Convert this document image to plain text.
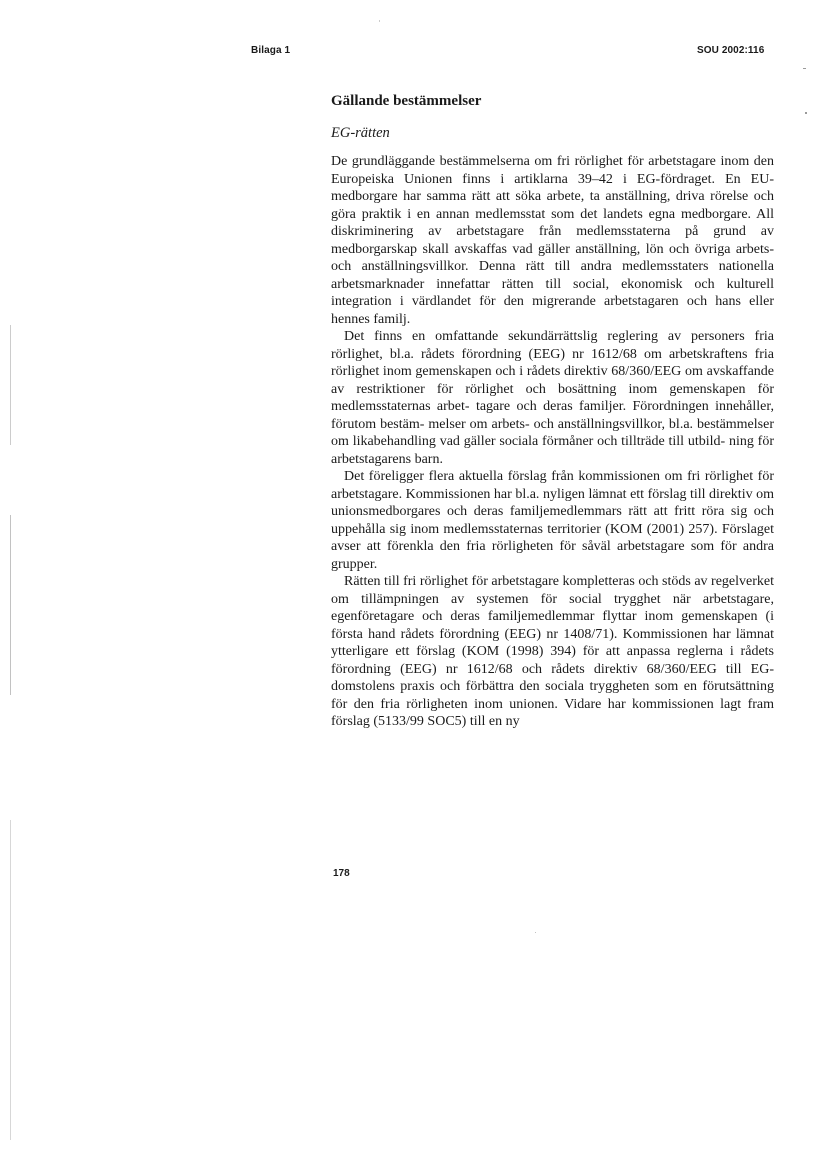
Bilaga 1	SOU 2002:116
Gällande bestämmelser
EG-rätten

De grundläggande bestämmelserna om fri rörlighet för arbetstagare inom den Europeiska Unionen finns i artiklarna 39–42 i EG-fördraget. En EU-medborgare har samma rätt att söka arbete, ta anställning, driva rörelse och göra praktik i en annan medlemsstat som det landets egna medborgare. All diskriminering av arbetstagare från medlemsstaterna på grund av medborgarskap skall avskaffas vad gäller anställning, lön och övriga arbets- och anställningsvillkor. Denna rätt till andra medlemsstaters nationella arbetsmarknader innefattar rätten till social, ekonomisk och kulturell integration i värdlandet för den migrerande arbetstagaren och hans eller hennes familj.

Det finns en omfattande sekundärrättslig reglering av personers fria rörlighet, bl.a. rådets förordning (EEG) nr 1612/68 om arbetskraftens fria rörlighet inom gemenskapen och i rådets direktiv 68/360/EEG om avskaffande av restriktioner för rörlighet och bosättning inom gemenskapen för medlemsstaternas arbet- tagare och deras familjer. Förordningen innehåller, förutom bestäm- melser om arbets- och anställningsvillkor, bl.a. bestämmelser om likabehandling vad gäller sociala förmåner och tillträde till utbild- ning för arbetstagarens barn.

Det föreligger flera aktuella förslag från kommissionen om fri rörlighet för arbetstagare. Kommissionen har bl.a. nyligen lämnat ett förslag till direktiv om unionsmedborgares och deras familjemedlemmars rätt att fritt röra sig och uppehålla sig inom medlemsstaternas territorier (KOM (2001) 257). Förslaget avser att förenkla den fria rörligheten för såväl arbetstagare som för andra grupper.

Rätten till fri rörlighet för arbetstagare kompletteras och stöds av regelverket om tillämpningen av systemen för social trygghet när arbetstagare, egenföretagare och deras familjemedlemmar flyttar inom gemenskapen (i första hand rådets förordning (EEG) nr 1408/71). Kommissionen har lämnat ytterligare ett förslag (KOM (1998) 394) för att anpassa reglerna i rådets förordning (EEG) nr 1612/68 och rådets direktiv 68/360/EEG till EG-domstolens praxis och förbättra den sociala tryggheten som en förutsättning för den fria rörligheten inom unionen. Vidare har kommissionen lagt fram förslag (5133/99 SOC5) till en ny

178
